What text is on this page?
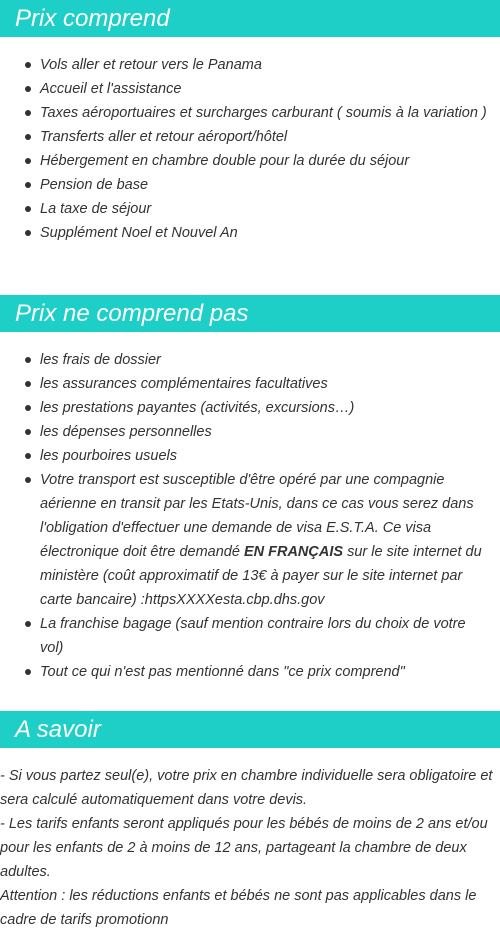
Prix comprend
Vols aller et retour vers le Panama
Accueil et l'assistance
Taxes aéroportuaires et surcharges carburant ( soumis à la variation )
Transferts aller et retour aéroport/hôtel
Hébergement en chambre double pour la durée du séjour
Pension de base
La taxe de séjour
Supplément Noel et Nouvel An
Prix ne comprend pas
les frais de dossier
les assurances complémentaires facultatives
les prestations payantes (activités, excursions…)
les dépenses personnelles
les pourboires usuels
Votre transport est susceptible d'être opéré par une compagnie aérienne en transit par les Etats-Unis, dans ce cas vous serez dans l'obligation d'effectuer une demande de visa E.S.T.A. Ce visa électronique doit être demandé EN FRANÇAIS sur le site internet du ministère (coût approximatif de 13€ à payer sur le site internet par carte bancaire) :httpsXXXXesta.cbp.dhs.gov
La franchise bagage (sauf mention contraire lors du choix de votre vol)
Tout ce qui n'est pas mentionné dans "ce prix comprend"
A savoir

- Si vous partez seul(e), votre prix en chambre individuelle sera obligatoire et sera calculé automatiquement dans votre devis.

- Les tarifs enfants seront appliqués pour les bébés de moins de 2 ans et/ou pour les enfants de 2 à moins de 12 ans, partageant la chambre de deux adultes.

Attention : les réductions enfants et bébés ne sont pas applicables dans le cadre de tarifs promotionn
